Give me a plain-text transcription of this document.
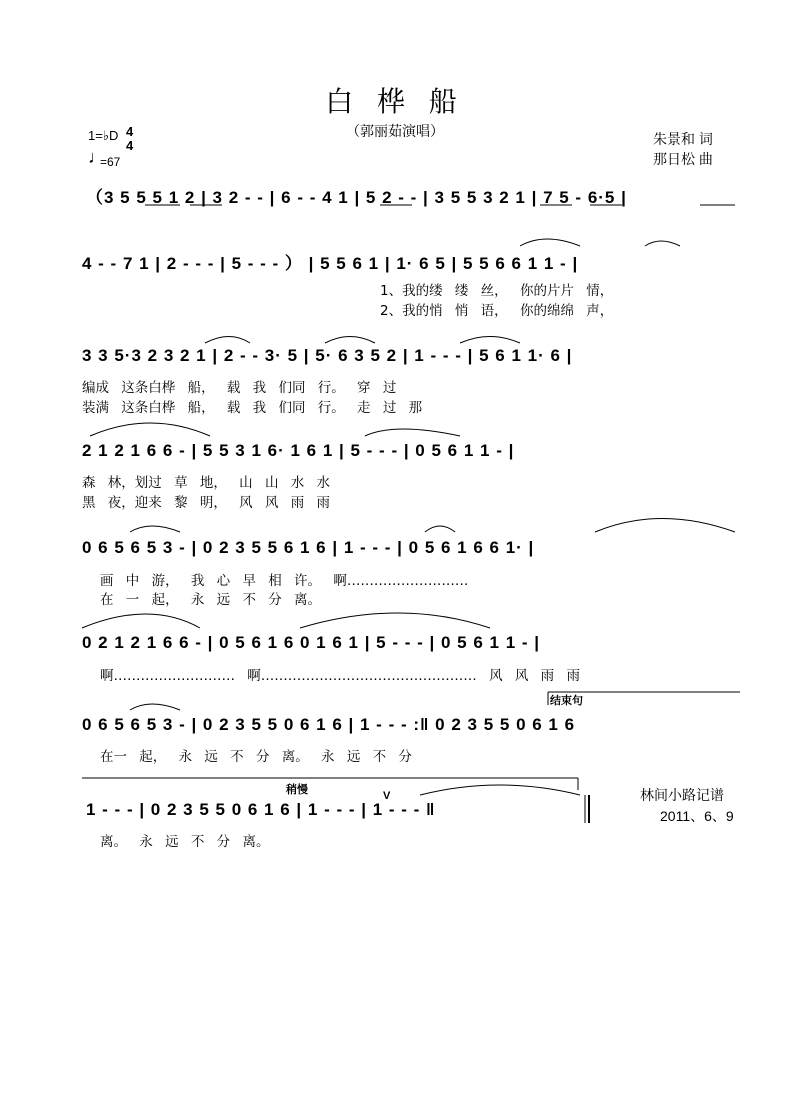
白 桦 船
（郭丽茹演唱）	朱景和 词
那日松 曲
1=♭D 4
4
♩
=67
（3 5 5 5 1 2 | 3 2 - - | 6 - - 4 1 | 5 2 - - | 3 5 5 3 2 1 | 7 5 - 6·5 |
4 - - 7 1 | 2 - - - | 5 - - - ） | 5 5 6 1 | 1· 6 5 | 5 5 6 6 1 1 - |
1、我的缕 缕 丝， 你的片片 情，
2、我的悄 悄 语， 你的绵绵 声，
3 3 5·3 2 3 2 1 | 2 - - 3· 5 | 5· 6 3 5 2 | 1 - - - | 5 6 1 1· 6 |
编成 这条白桦 船， 载 我 们同 行。 穿 过
装满 这条白桦 船， 载 我 们同 行。 走 过 那
2 1 2 1 6 6 - | 5 5 3 1 6· 1 6 1 | 5 - - - | 0 5 6 1 1 - |
森 林，划过 草 地， 山 山 水 水
黑 夜，迎来 黎 明， 风 风 雨 雨
0 6 5 6 5 3 - | 0 2 3 5 5 6 1 6 | 1 - - - | 0 5 6 1 6 6 1· |
画 中 游， 我 心 早 相 许。 啊………………………
在 一 起， 永 远 不 分 离。
0 2 1 2 1 6 6 - | 0 5 6 1 6 0 1 6 1 | 5 - - - | 0 5 6 1 1 - |
啊……………………… 啊………………………………………… 风 风 雨 雨
结束句
0 6 5 6 5 3 - | 0 2 3 5 5 0 6 1 6 | 1 - - - :‖ 0 2 3 5 5 0 6 1 6
在一 起， 永 远 不 分 离。 永 远 不 分
稍慢	V
1 - - - | 0 2 3 5 5 0 6 1 6 | 1 - - - | 1 - - - ‖
离。 永 远 不 分 离。
林间小路记谱
2011、6、9
